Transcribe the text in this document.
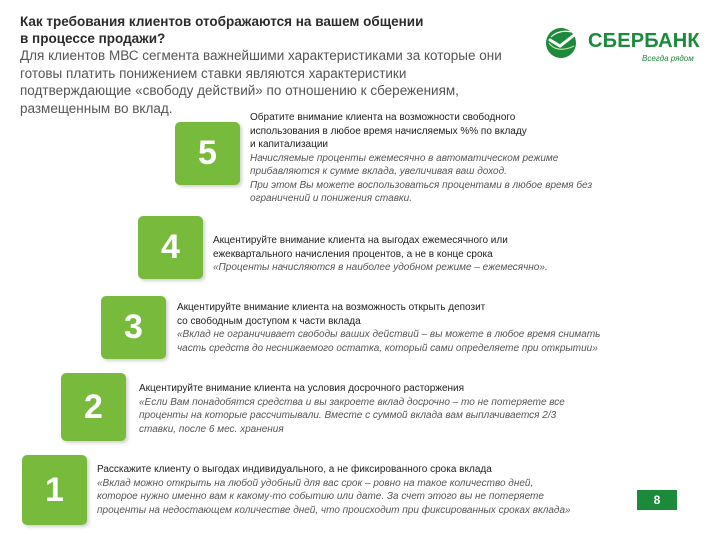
Как требования клиентов отображаются на вашем общении
в процессе продажи?
Для клиентов МВС сегмента важнейшими характеристиками за которые они
готовы платить понижением ставки являются характеристики
подтверждающие «свободу действий» по отношению к сбережениям,
размещенным во вклад.
СБЕРБАНК
Всегда рядом
5
Обратите внимание клиента на возможности свободного
использования в любое время начисляемых %% по вкладу
и капитализации
Начисляемые проценты ежемесячно в автоматическом режиме
прибавляются к сумме вклада, увеличивая ваш доход.
При этом Вы можете воспользоваться процентами в любое время без
ограничений и понижения ставки.
4	Акцентируйте внимание клиента на выгодах ежемесячного или
ежеквартального начисления процентов, а не в конце срока
«Проценты начисляются в наиболее удобном режиме – ежемесячно».
3
Акцентируйте внимание клиента на возможность открыть депозит
со свободным доступом к части вклада
«Вклад не ограничивает свободы ваших действий – вы можете в любое время снимать
часть средств до неснижаемого остатка, который сами определяете при открытии»
2	Акцентируйте внимание клиента на условия досрочного расторжения
«Если Вам понадобятся средства и вы закроете вклад досрочно – то не потеряете все
проценты на которые рассчитывали. Вместе с суммой вклада вам выплачивается 2/3
ставки, после 6 мес. хранения
1
Расскажите клиенту о выгодах индивидуального, а не фиксированного срока вклада
«Вклад можно открыть на любой удобный для вас срок – ровно на такое количество дней,
которое нужно именно вам к какому-то событию или дате. За счет этого вы не потеряете
проценты на недостающем количестве дней, что происходит при фиксированных сроках вклада»
8
